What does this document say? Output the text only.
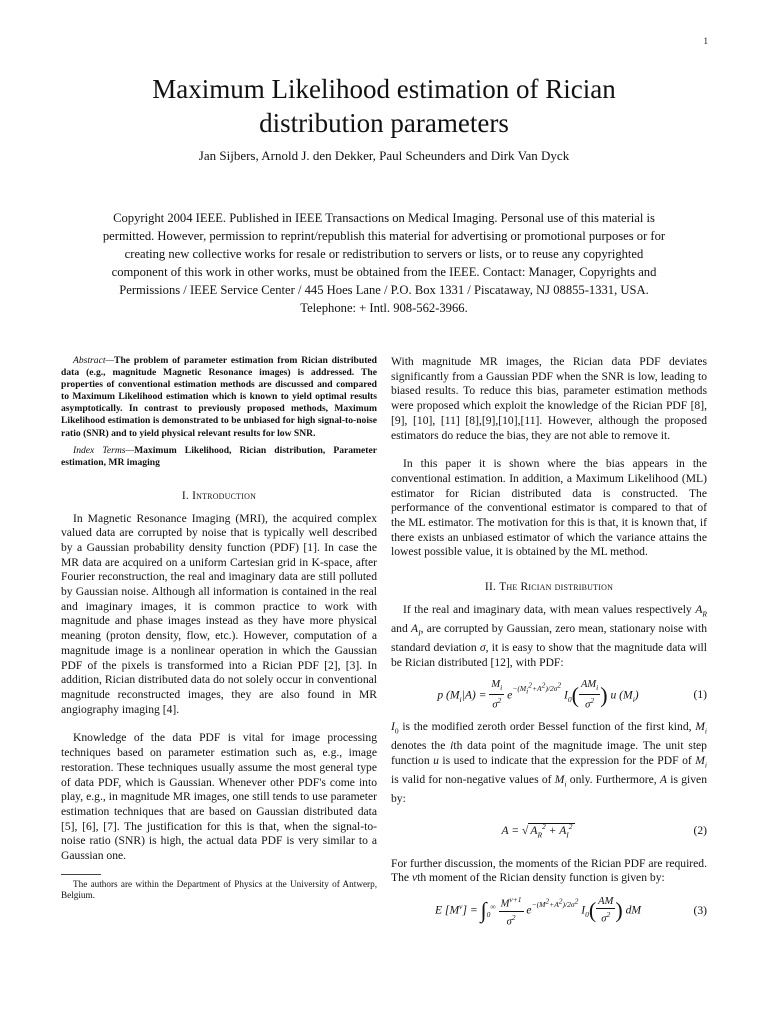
1
Maximum Likelihood estimation of Rician
distribution parameters
Jan Sijbers, Arnold J. den Dekker, Paul Scheunders and Dirk Van Dyck
Copyright 2004 IEEE. Published in IEEE Transactions on Medical Imaging. Personal use of this material is
permitted. However, permission to reprint/republish this material for advertising or promotional purposes or for
creating new collective works for resale or redistribution to servers or lists, or to reuse any copyrighted
component of this work in other works, must be obtained from the IEEE. Contact: Manager, Copyrights and
Permissions / IEEE Service Center / 445 Hoes Lane / P.O. Box 1331 / Piscataway, NJ 08855-1331, USA.
Telephone: + Intl. 908-562-3966.

Abstract—The problem of parameter estimation from Rician distributed data (e.g., magnitude Magnetic Resonance images) is addressed. The properties of conventional estimation methods are discussed and compared to Maximum Likelihood estimation which is known to yield optimal results asymptotically. In contrast to previously proposed methods, Maximum Likelihood estimation is demonstrated to be unbiased for high signal-to-noise ratio (SNR) and to yield physical relevant results for low SNR.

Index Terms—Maximum Likelihood, Rician distribution, Parameter estimation, MR imaging

I. Introduction

In Magnetic Resonance Imaging (MRI), the acquired complex valued data are corrupted by noise that is typically well described by a Gaussian probability density function (PDF) [1]. In case the MR data are acquired on a uniform Cartesian grid in K-space, after Fourier reconstruction, the real and imaginary data are still polluted by Gaussian noise. Although all information is contained in the real and imaginary images, it is common practice to work with magnitude and phase images instead as they have more physical meaning (proton density, flow, etc.). However, computation of a magnitude image is a nonlinear operation in which the Gaussian PDF of the pixels is transformed into a Rician PDF [2], [3]. In addition, Rician distributed data do not solely occur in conventional magnitude reconstructed images, they are also found in MR angiography imaging [4].

Knowledge of the data PDF is vital for image processing techniques based on parameter estimation such as, e.g., image restoration. These techniques usually assume the most general type of data PDF, which is Gaussian. Whenever other PDF's come into play, e.g., in magnitude MR images, one still tends to use parameter estimation techniques that are based on Gaussian distributed data [5], [6], [7]. The justification for this is that, when the signal-to-noise ratio (SNR) is high, the actual data PDF is very similar to a Gaussian one.

The authors are within the Department of Physics at the University of Antwerp, Belgium.

With magnitude MR images, the Rician data PDF deviates significantly from a Gaussian PDF when the SNR is low, leading to biased results. To reduce this bias, parameter estimation methods were proposed which exploit the knowledge of the Rician PDF [8], [9], [10], [11] [8],[9],[10],[11]. However, although the proposed estimators do reduce the bias, they are not able to remove it.

In this paper it is shown where the bias appears in the conventional estimation. In addition, a Maximum Likelihood (ML) estimator for Rician distributed data is constructed. The performance of the conventional estimator is compared to that of the ML estimator. The motivation for this is that, it is known that, if there exists an unbiased estimator of which the variance attains the lowest possible value, it is obtained by the ML method.

II. The Rician distribution

If the real and imaginary data, with mean values respectively $A_R$ and $A_I$, are corrupted by Gaussian, zero mean, stationary noise with standard deviation σ, it is easy to show that the magnitude data will be Rician distributed [12], with PDF:

p $(M_i|A) = \frac{M_i}{\sigma^2} e^{-(M_i^2+A^2)/2\sigma^2}$ $I_0( \frac{AM_i}{\sigma^2}$ ) u $(M_i)$	(1)

$I_0$ is the modified zeroth order Bessel function of the first kind, $M_i$ denotes the ith data point of the magnitude image. The unit step function u is used to indicate that the expression for the PDF of $M_i$ is valid for non-negative values of $M_i$ only. Furthermore, A is given by:

A = √ $A_R^2 + A_I^2$	(2)

For further discussion, the moments of the Rician PDF are required. The νth moment of the Rician density function is given by:

E $[M^\nu] = \int_0^\infty \frac{M^{\nu+1}}{\sigma^2} e^{-(M^2+A^2)/2\sigma^2}$ $I_0( \frac{AM}{\sigma^2}$ ) dM	(3)
